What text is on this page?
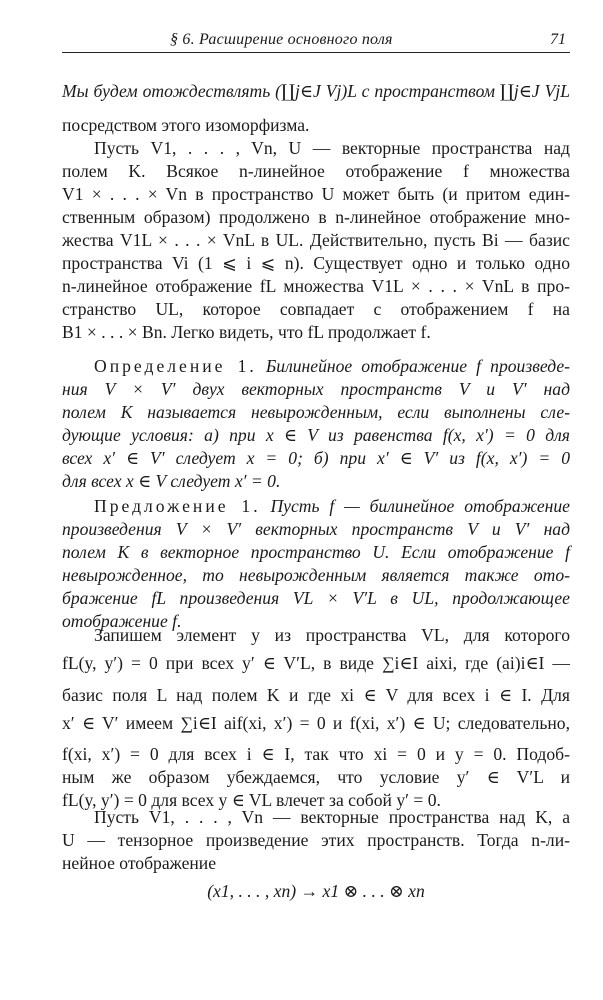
§ 6. Расширение основного поля	71
Мы будем отождествлять (∐j∈J Vj)L с пространством ∐j∈J VjL
посредством этого изоморфизма.
Пусть V1, . . . , Vn, U — векторные пространства над
полем K. Всякое n-линейное отображение f множества
V1 × . . . × Vn в пространство U может быть (и притом един-
ственным образом) продолжено в n-линейное отображение мно-
жества V1L × . . . × VnL в UL. Действительно, пусть Bi — базис
пространства Vi (1 ⩽ i ⩽ n). Существует одно и только одно
n-линейное отображение fL множества V1L × . . . × VnL в про-
странство UL, которое совпадает с отображением f на
B1 × . . . × Bn. Легко видеть, что fL продолжает f.
Определение 1. Билинейное отображение f произведе-
ния V × V′ двух векторных пространств V и V′ над
полем K называется невырожденным, если выполнены сле-
дующие условия: а) при x ∈ V из равенства f(x, x′) = 0 для
всех x′ ∈ V′ следует x = 0; б) при x′ ∈ V′ из f(x, x′) = 0
для всех x ∈ V следует x′ = 0.
Предложение 1. Пусть f — билинейное отображение
произведения V × V′ векторных пространств V и V′ над
полем K в векторное пространство U. Если отображение f
невырожденное, то невырожденным является также ото-
бражение fL произведения VL × V′L в UL, продолжающее
отображение f.
Запишем элемент y из пространства VL, для которого
fL(y, y′) = 0 при всех y′ ∈ V′L, в виде ∑i∈I aixi, где (ai)i∈I —
базис поля L над полем K и где xi ∈ V для всех i ∈ I. Для
x′ ∈ V′ имеем ∑i∈I aif(xi, x′) = 0 и f(xi, x′) ∈ U; следовательно,
f(xi, x′) = 0 для всех i ∈ I, так что xi = 0 и y = 0. Подоб-
ным же образом убеждаемся, что условие y′ ∈ V′L и
fL(y, y′) = 0 для всех y ∈ VL влечет за собой y′ = 0.
Пусть V1, . . . , Vn — векторные пространства над K, а
U — тензорное произведение этих пространств. Тогда n-ли-
нейное отображение
(x1, . . . , xn) → x1 ⊗ . . . ⊗ xn
